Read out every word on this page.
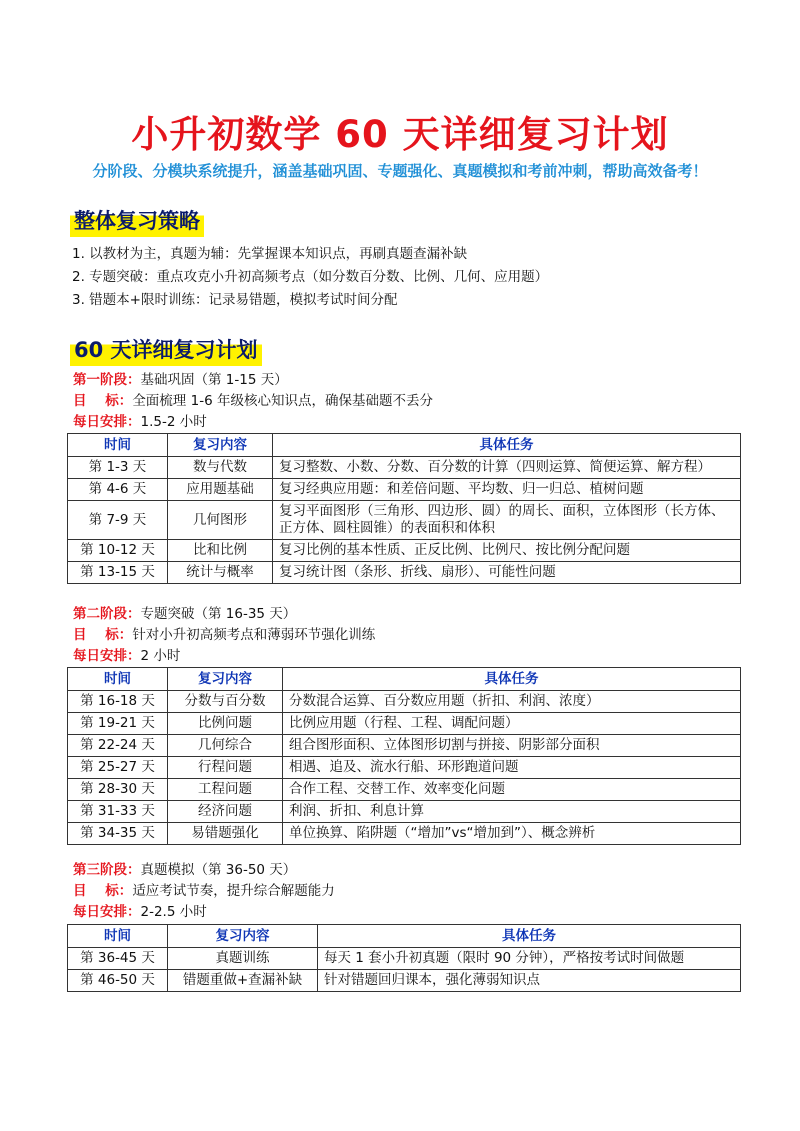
小升初数学 60 天详细复习计划
分阶段、分模块系统提升，涵盖基础巩固、专题强化、真题模拟和考前冲刺，帮助高效备考！
整体复习策略
1. 以教材为主，真题为辅：先掌握课本知识点，再刷真题查漏补缺
2. 专题突破：重点攻克小升初高频考点（如分数百分数、比例、几何、应用题）
3. 错题本+限时训练：记录易错题，模拟考试时间分配
60 天详细复习计划
第一阶段：基础巩固（第 1-15 天）
目    标：全面梳理 1-6 年级核心知识点，确保基础题不丢分
每日安排：1.5-2 小时
时间	复习内容	具体任务
第 1-3 天	数与代数	复习整数、小数、分数、百分数的计算（四则运算、简便运算、解方程）
第 4-6 天	应用题基础	复习经典应用题：和差倍问题、平均数、归一归总、植树问题
第 7-9 天	几何图形	复习平面图形（三角形、四边形、圆）的周长、面积，立体图形（长方体、正方体、圆柱圆锥）的表面积和体积
第 10-12 天	比和比例	复习比例的基本性质、正反比例、比例尺、按比例分配问题
第 13-15 天	统计与概率	复习统计图（条形、折线、扇形）、可能性问题
第二阶段：专题突破（第 16-35 天）
目    标：针对小升初高频考点和薄弱环节强化训练
每日安排：2 小时
时间	复习内容	具体任务
第 16-18 天	分数与百分数	分数混合运算、百分数应用题（折扣、利润、浓度）
第 19-21 天	比例问题	比例应用题（行程、工程、调配问题）
第 22-24 天	几何综合	组合图形面积、立体图形切割与拼接、阴影部分面积
第 25-27 天	行程问题	相遇、追及、流水行船、环形跑道问题
第 28-30 天	工程问题	合作工程、交替工作、效率变化问题
第 31-33 天	经济问题	利润、折扣、利息计算
第 34-35 天	易错题强化	单位换算、陷阱题（“增加”vs“增加到”）、概念辨析
第三阶段：真题模拟（第 36-50 天）
目    标：适应考试节奏，提升综合解题能力
每日安排：2-2.5 小时
时间	复习内容	具体任务
第 36-45 天	真题训练	每天 1 套小升初真题（限时 90 分钟），严格按考试时间做题
第 46-50 天	错题重做+查漏补缺	针对错题回归课本，强化薄弱知识点
